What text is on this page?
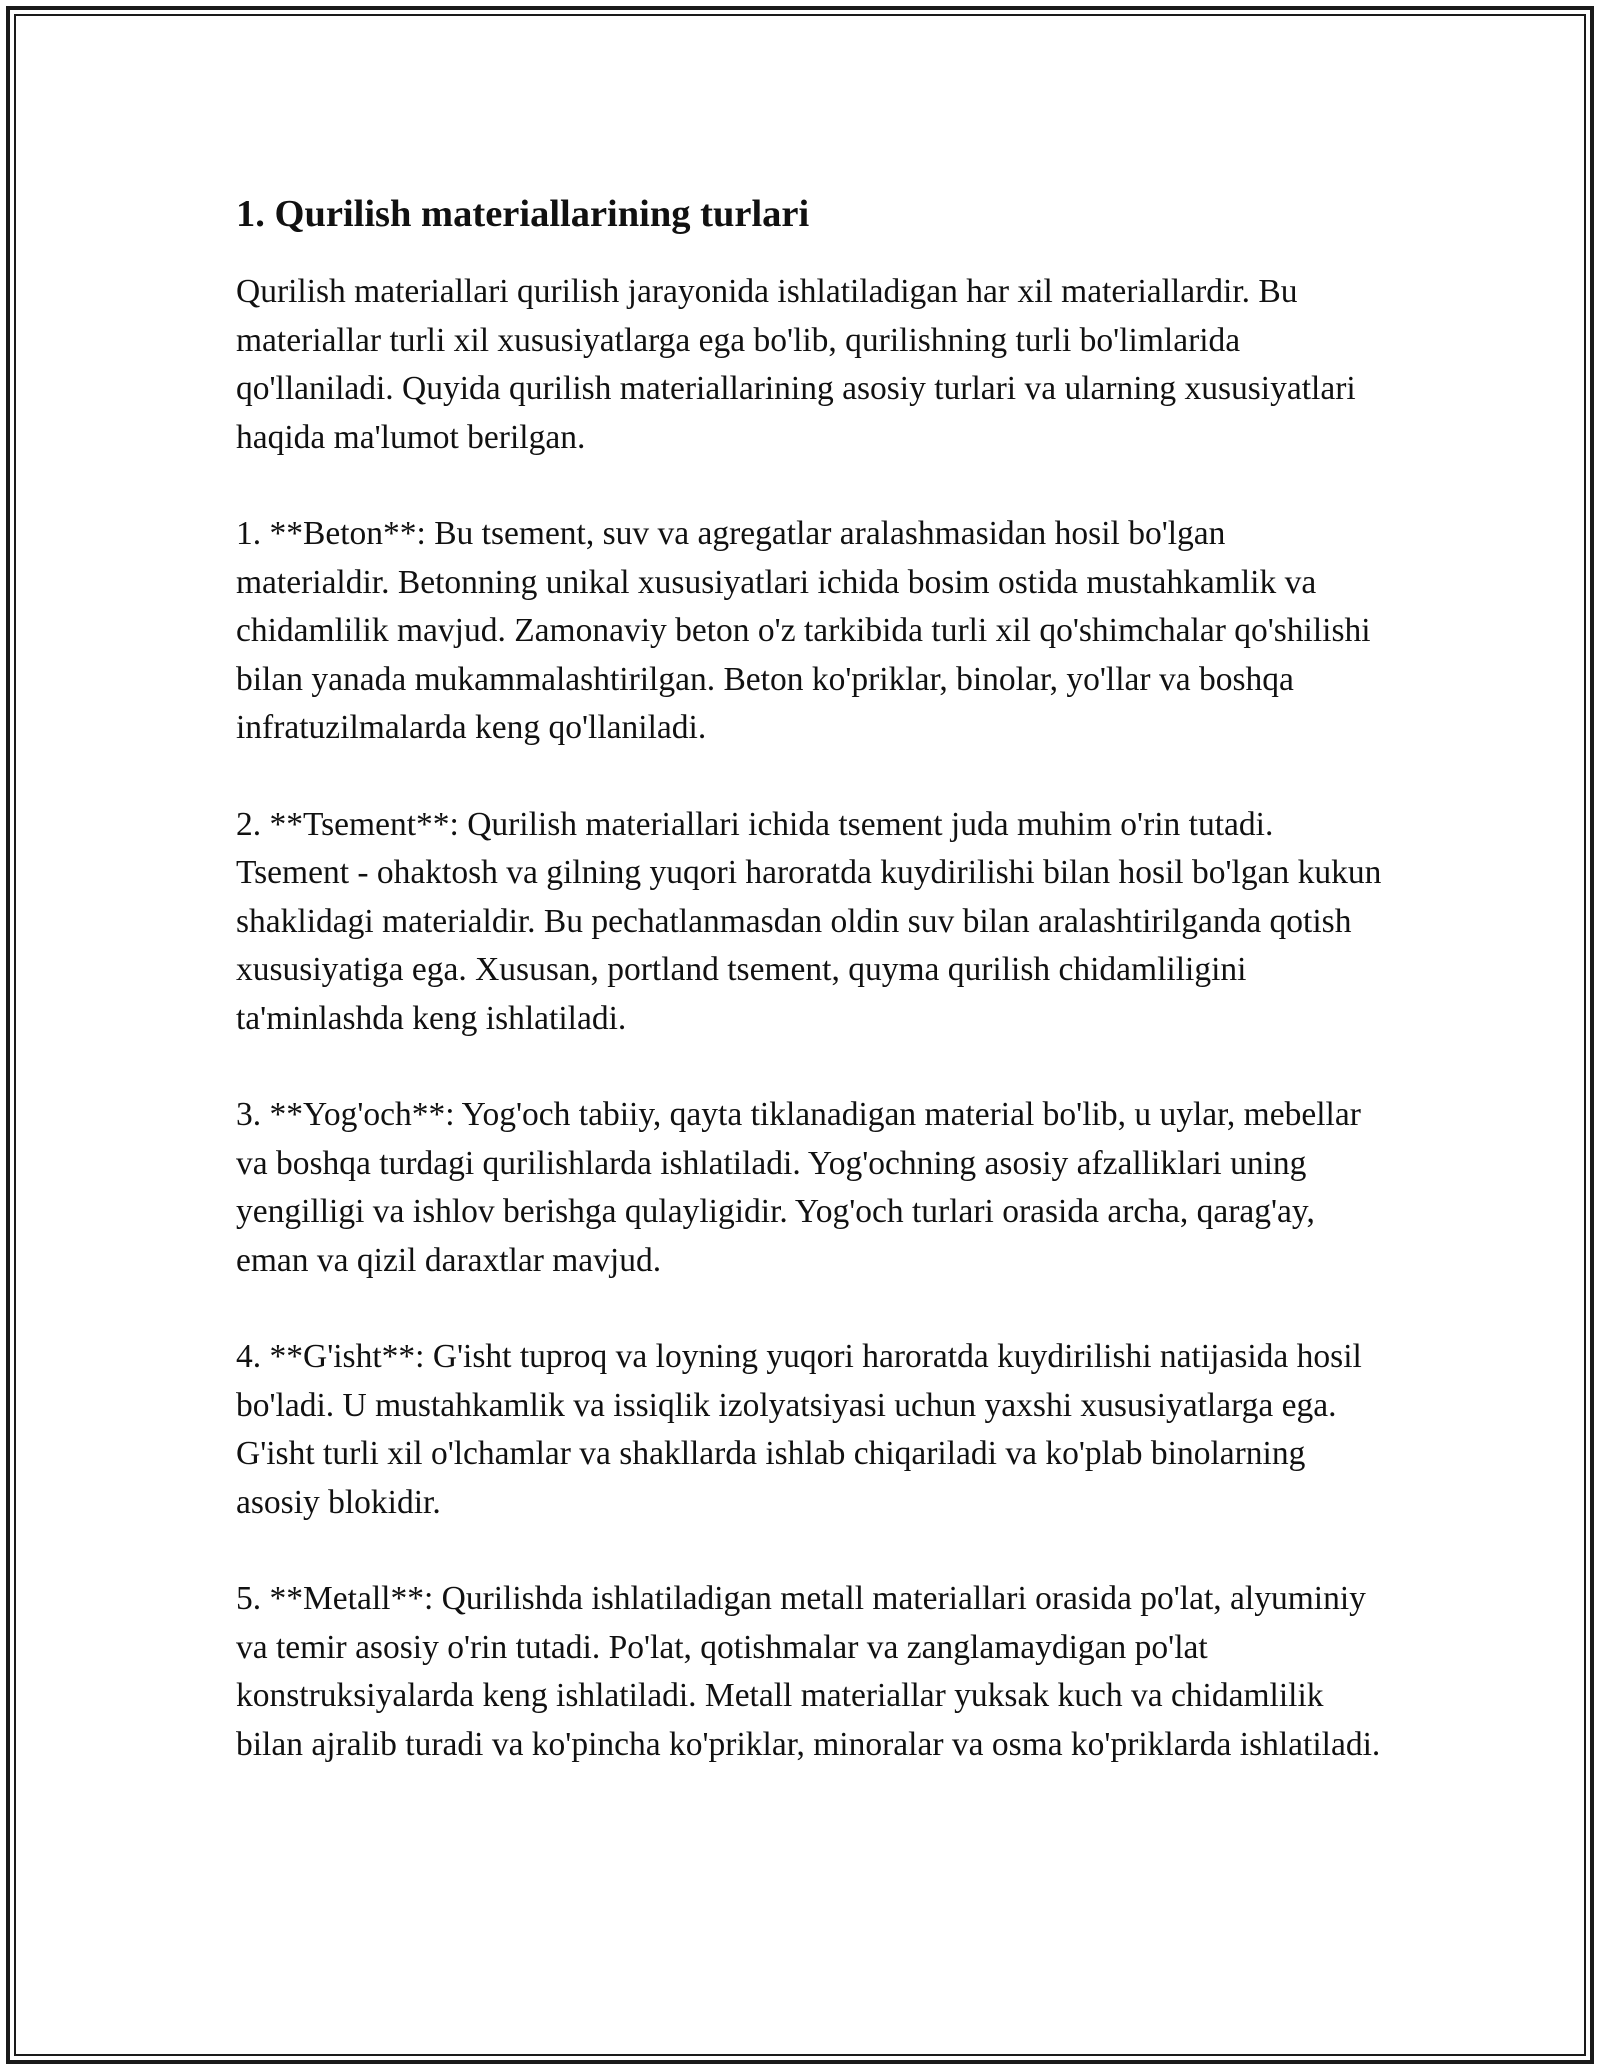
1. Qurilish materiallarining turlari

Qurilish materiallari qurilish jarayonida ishlatiladigan har xil materiallardir. Bu materiallar turli xil xususiyatlarga ega bo'lib, qurilishning turli bo'limlarida qo'llaniladi. Quyida qurilish materiallarining asosiy turlari va ularning xususiyatlari haqida ma'lumot berilgan.

1. **Beton**: Bu tsement, suv va agregatlar aralashmasidan hosil bo'lgan materialdir. Betonning unikal xususiyatlari ichida bosim ostida mustahkamlik va chidamlilik mavjud. Zamonaviy beton o'z tarkibida turli xil qo'shimchalar qo'shilishi bilan yanada mukammalashtirilgan. Beton ko'priklar, binolar, yo'llar va boshqa infratuzilmalarda keng qo'llaniladi.

2. **Tsement**: Qurilish materiallari ichida tsement juda muhim o'rin tutadi. Tsement - ohaktosh va gilning yuqori haroratda kuydirilishi bilan hosil bo'lgan kukun shaklidagi materialdir. Bu pechatlanmasdan oldin suv bilan aralashtirilganda qotish xususiyatiga ega. Xususan, portland tsement, quyma qurilish chidamliligini ta'minlashda keng ishlatiladi.

3. **Yog'och**: Yog'och tabiiy, qayta tiklanadigan material bo'lib, u uylar, mebellar va boshqa turdagi qurilishlarda ishlatiladi. Yog'ochning asosiy afzalliklari uning yengilligi va ishlov berishga qulayligidir. Yog'och turlari orasida archa, qarag'ay, eman va qizil daraxtlar mavjud.

4. **G'isht**: G'isht tuproq va loyning yuqori haroratda kuydirilishi natijasida hosil bo'ladi. U mustahkamlik va issiqlik izolyatsiyasi uchun yaxshi xususiyatlarga ega. G'isht turli xil o'lchamlar va shakllarda ishlab chiqariladi va ko'plab binolarning asosiy blokidir.

5. **Metall**: Qurilishda ishlatiladigan metall materiallari orasida po'lat, alyuminiy va temir asosiy o'rin tutadi. Po'lat, qotishmalar va zanglamaydigan po'lat konstruksiyalarda keng ishlatiladi. Metall materiallar yuksak kuch va chidamlilik bilan ajralib turadi va ko'pincha ko'priklar, minoralar va osma ko'priklarda ishlatiladi.
